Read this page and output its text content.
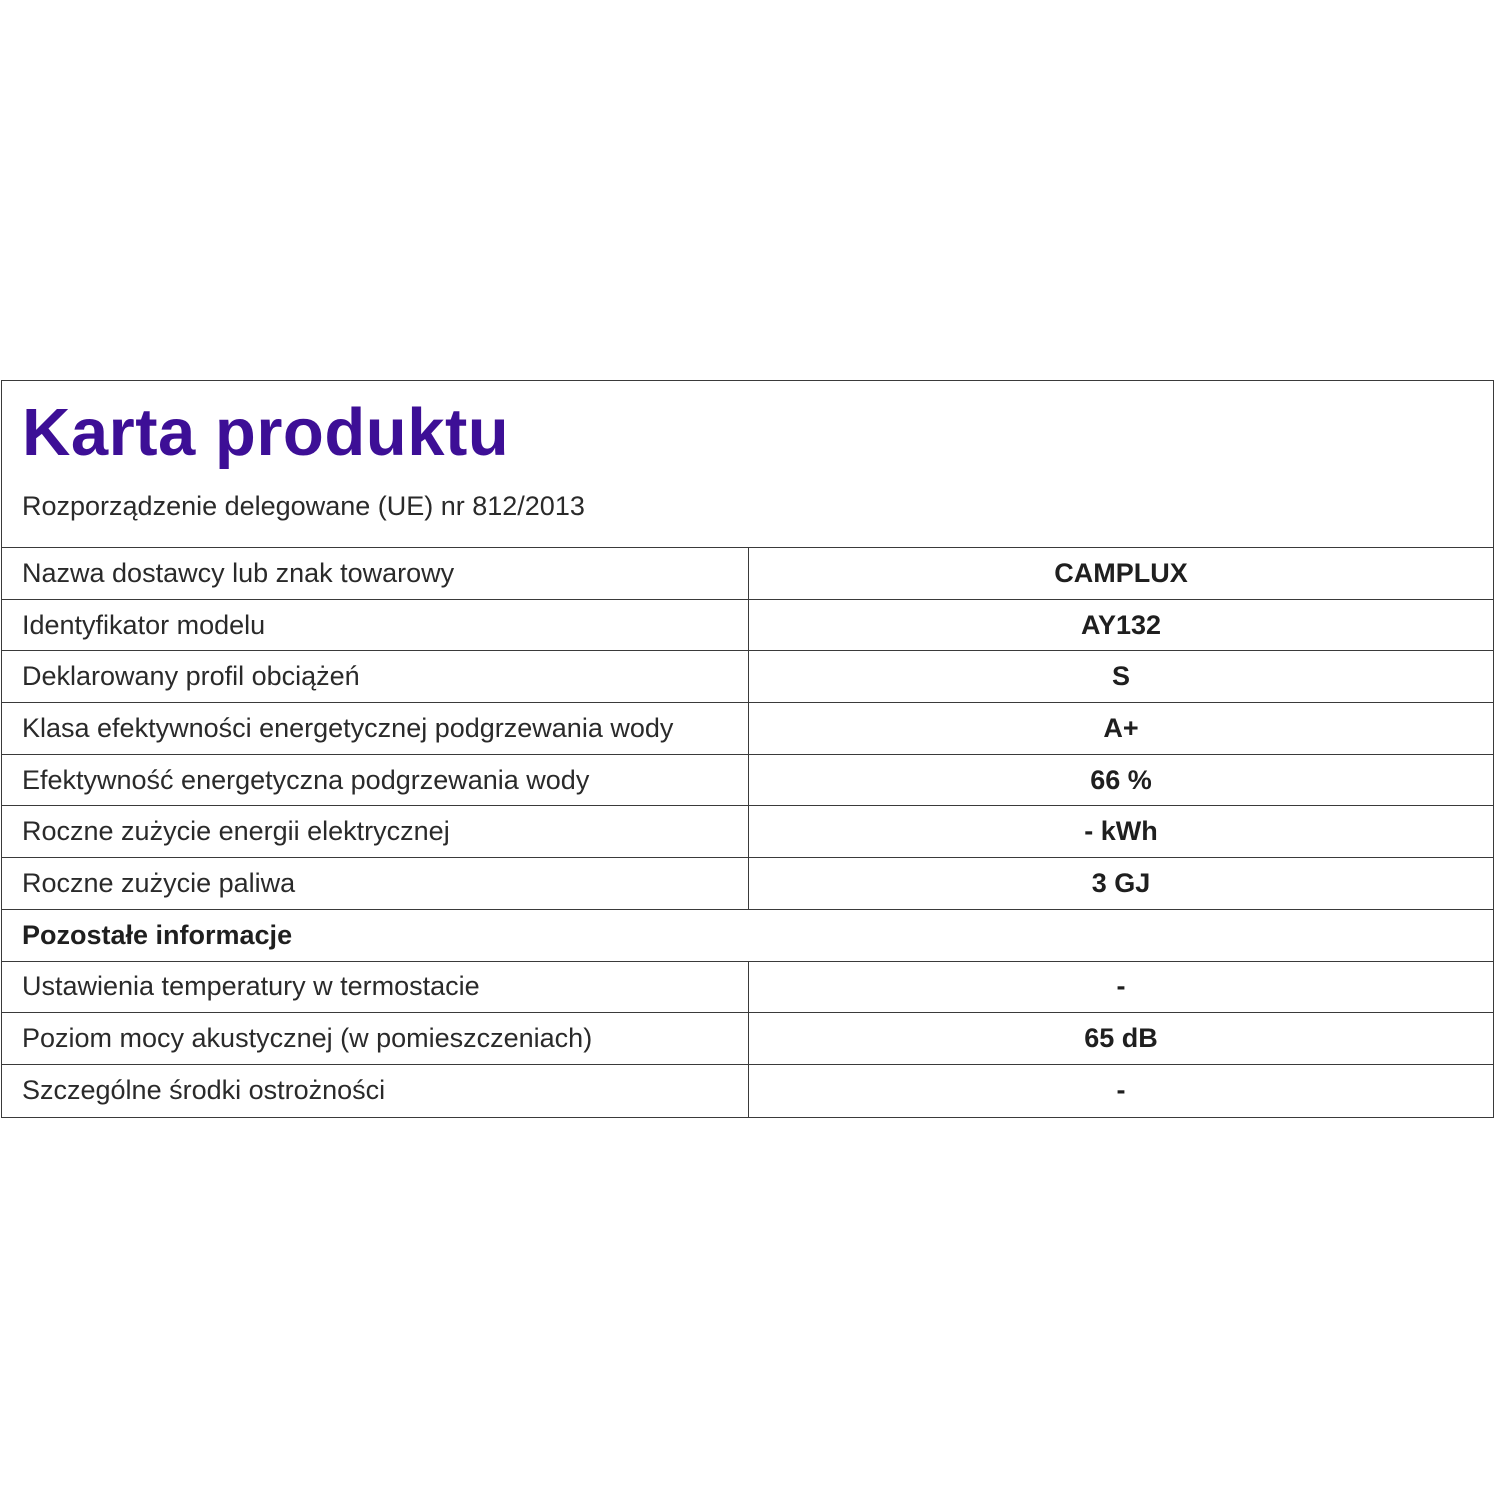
Karta produktu

Rozporządzenie delegowane (UE) nr 812/2013

Nazwa dostawcy lub znak towarowy	CAMPLUX
Identyfikator modelu	AY132
Deklarowany profil obciążeń	S
Klasa efektywności energetycznej podgrzewania wody	A+
Efektywność energetyczna podgrzewania wody	66 %
Roczne zużycie energii elektrycznej	- kWh
Roczne zużycie paliwa	3 GJ
Pozostałe informacje
Ustawienia temperatury w termostacie	-
Poziom mocy akustycznej (w pomieszczeniach)	65 dB
Szczególne środki ostrożności	-
